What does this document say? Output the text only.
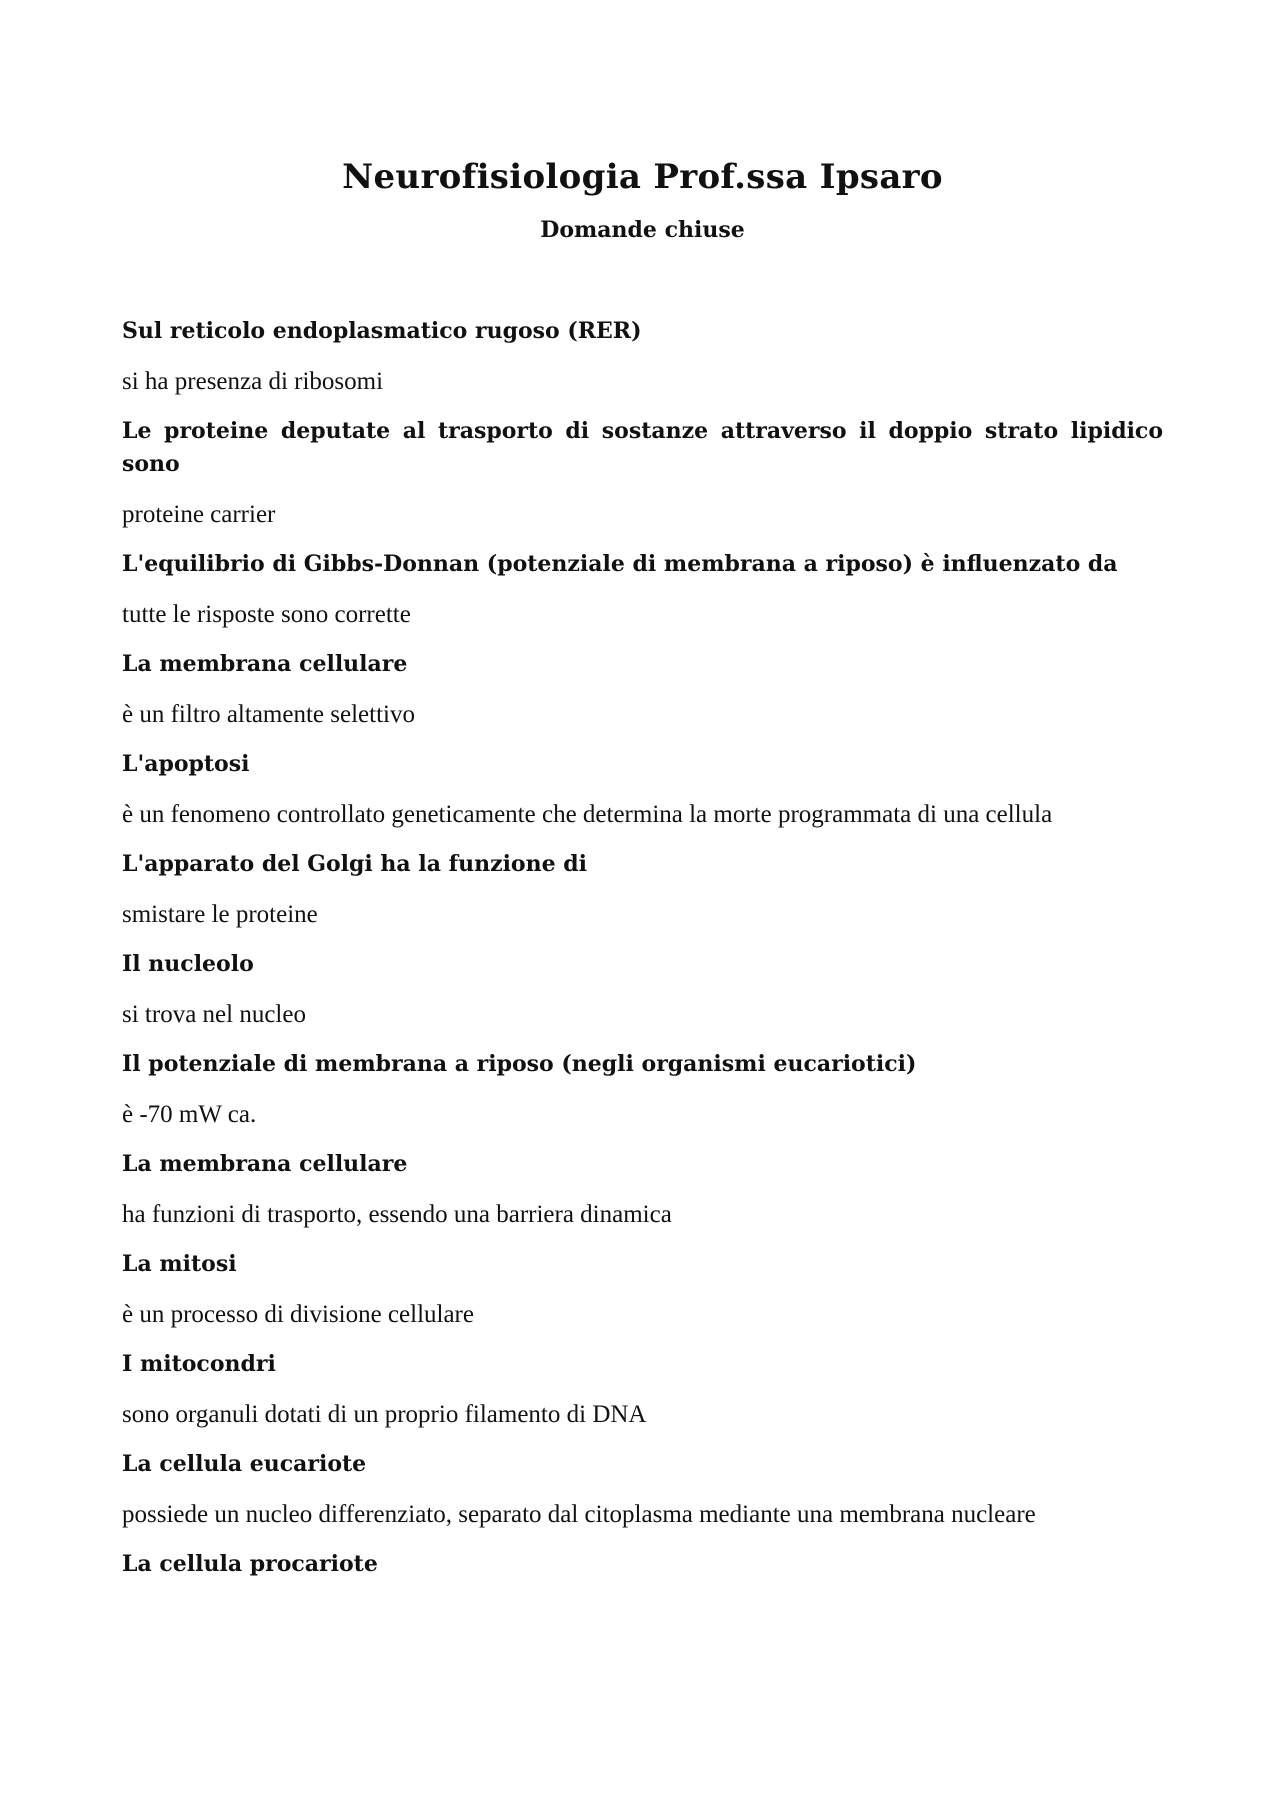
Neurofisiologia Prof.ssa Ipsaro
Domande chiuse

Sul reticolo endoplasmatico rugoso (RER)

si ha presenza di ribosomi

Le proteine deputate al trasporto di sostanze attraverso il doppio strato lipidico sono

proteine carrier

L'equilibrio di Gibbs-Donnan (potenziale di membrana a riposo) è influenzato da

tutte le risposte sono corrette

La membrana cellulare

è un filtro altamente selettivo

L'apoptosi

è un fenomeno controllato geneticamente che determina la morte programmata di una cellula

L'apparato del Golgi ha la funzione di

smistare le proteine

Il nucleolo

si trova nel nucleo

Il potenziale di membrana a riposo (negli organismi eucariotici)

è -70 mW ca.

La membrana cellulare

ha funzioni di trasporto, essendo una barriera dinamica

La mitosi

è un processo di divisione cellulare

I mitocondri

sono organuli dotati di un proprio filamento di DNA

La cellula eucariote

possiede un nucleo differenziato, separato dal citoplasma mediante una membrana nucleare

La cellula procariote
